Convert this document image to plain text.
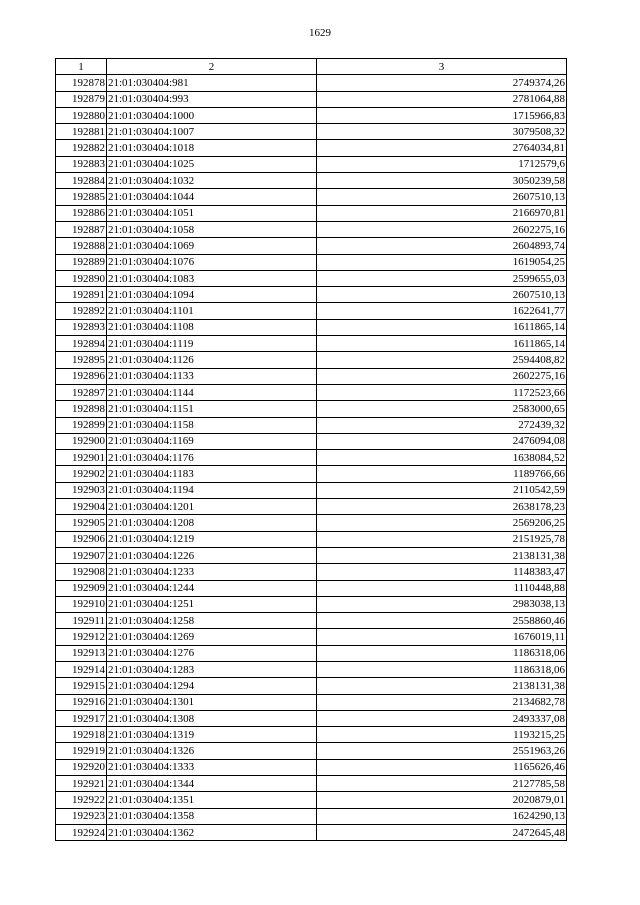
1629
1	2	3
192878	21:01:030404:981	2749374,26
192879	21:01:030404:993	2781064,88
192880	21:01:030404:1000	1715966,83
192881	21:01:030404:1007	3079508,32
192882	21:01:030404:1018	2764034,81
192883	21:01:030404:1025	1712579,6
192884	21:01:030404:1032	3050239,58
192885	21:01:030404:1044	2607510,13
192886	21:01:030404:1051	2166970,81
192887	21:01:030404:1058	2602275,16
192888	21:01:030404:1069	2604893,74
192889	21:01:030404:1076	1619054,25
192890	21:01:030404:1083	2599655,03
192891	21:01:030404:1094	2607510,13
192892	21:01:030404:1101	1622641,77
192893	21:01:030404:1108	1611865,14
192894	21:01:030404:1119	1611865,14
192895	21:01:030404:1126	2594408,82
192896	21:01:030404:1133	2602275,16
192897	21:01:030404:1144	1172523,66
192898	21:01:030404:1151	2583000,65
192899	21:01:030404:1158	272439,32
192900	21:01:030404:1169	2476094,08
192901	21:01:030404:1176	1638084,52
192902	21:01:030404:1183	1189766,66
192903	21:01:030404:1194	2110542,59
192904	21:01:030404:1201	2638178,23
192905	21:01:030404:1208	2569206,25
192906	21:01:030404:1219	2151925,78
192907	21:01:030404:1226	2138131,38
192908	21:01:030404:1233	1148383,47
192909	21:01:030404:1244	1110448,88
192910	21:01:030404:1251	2983038,13
192911	21:01:030404:1258	2558860,46
192912	21:01:030404:1269	1676019,11
192913	21:01:030404:1276	1186318,06
192914	21:01:030404:1283	1186318,06
192915	21:01:030404:1294	2138131,38
192916	21:01:030404:1301	2134682,78
192917	21:01:030404:1308	2493337,08
192918	21:01:030404:1319	1193215,25
192919	21:01:030404:1326	2551963,26
192920	21:01:030404:1333	1165626,46
192921	21:01:030404:1344	2127785,58
192922	21:01:030404:1351	2020879,01
192923	21:01:030404:1358	1624290,13
192924	21:01:030404:1362	2472645,48
